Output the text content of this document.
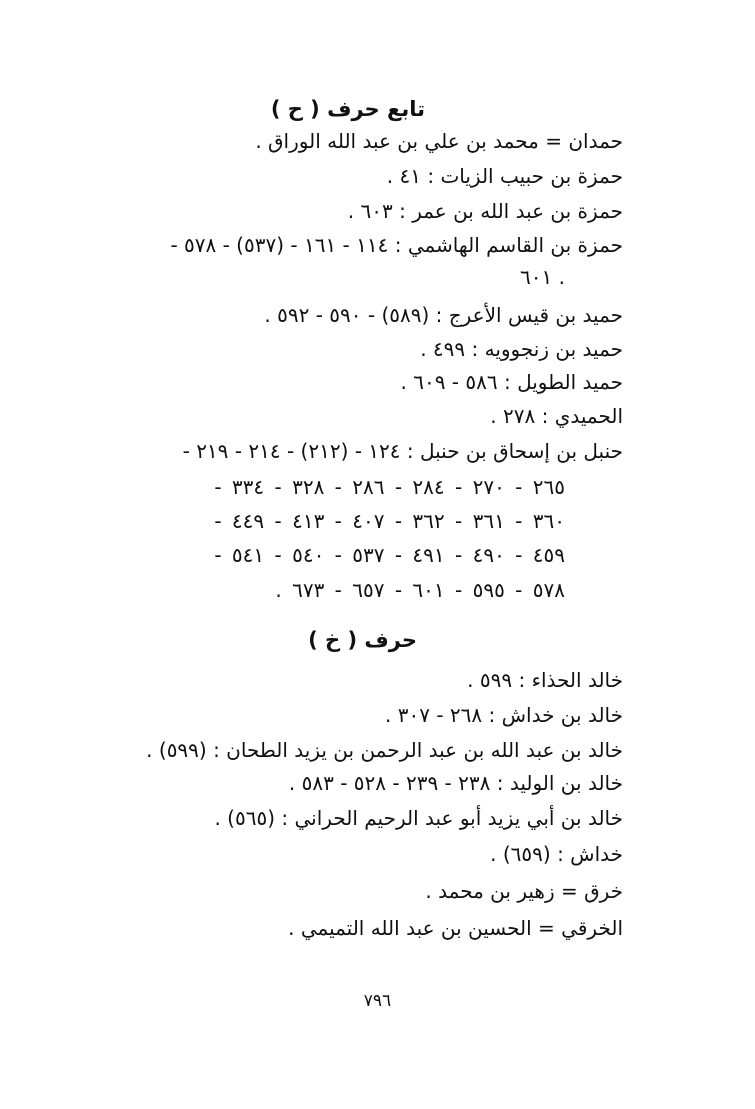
تابع حرف ( ح )
حمدان = محمد بن علي بن عبد الله الوراق .
حمزة بن حبيب الزيات : ٤١ .
حمزة بن عبد الله بن عمر : ٦٠٣ .
حمزة بن القاسم الهاشمي : ١١٤ - ١٦١ - (٥٣٧) - ٥٧٨ -
٦٠١ .
حميد بن قيس الأعرج : (٥٨٩) - ٥٩٠ - ٥٩٢ .
حميد بن زنجوويه : ٤٩٩ .
حميد الطويل : ٥٨٦ - ٦٠٩ .
الحميدي : ٢٧٨ .
حنبل بن إسحاق بن حنبل : ١٢٤ - (٢١٢) - ٢١٤ - ٢١٩ -
٢٦٥ - ٢٧٠ - ٢٨٤ - ٢٨٦ - ٣٢٨ - ٣٣٤ -
٣٦٠ - ٣٦١ - ٣٦٢ - ٤٠٧ - ٤١٣ - ٤٤٩ -
٤٥٩ - ٤٩٠ - ٤٩١ - ٥٣٧ - ٥٤٠ - ٥٤١ -
٥٧٨ - ٥٩٥ - ٦٠١ - ٦٥٧ - ٦٧٣ .
حرف ( خ )
خالد الحذاء : ٥٩٩ .
خالد بن خداش : ٢٦٨ - ٣٠٧ .
خالد بن عبد الله بن عبد الرحمن بن يزيد الطحان : (٥٩٩) .
خالد بن الوليد : ٢٣٨ - ٢٣٩ - ٥٢٨ - ٥٨٣ .
خالد بن أبي يزيد أبو عبد الرحيم الحراني : (٥٦٥) .
خداش : (٦٥٩) .
خرق = زهير بن محمد .
الخرقي = الحسين بن عبد الله التميمي .
٧٩٦
